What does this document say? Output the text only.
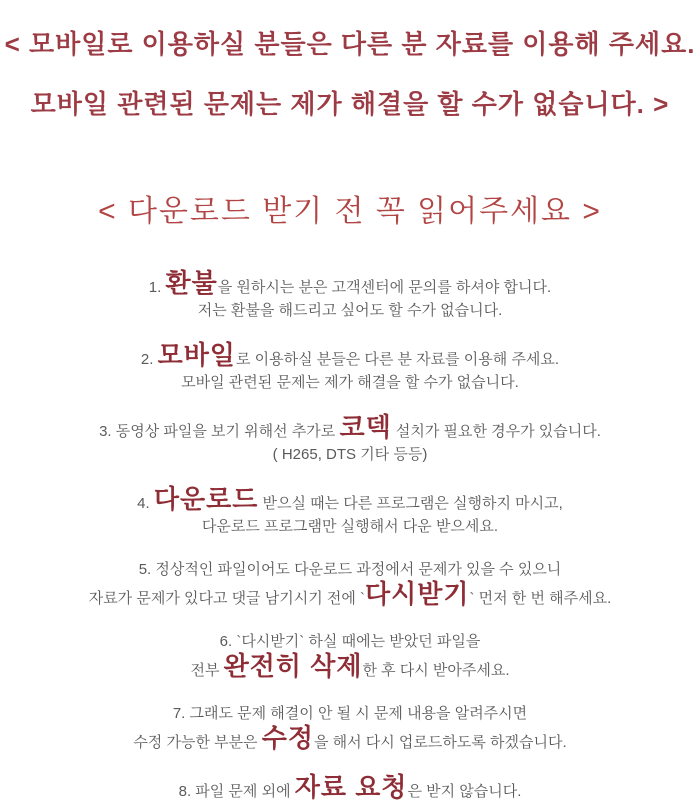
< 모바일로 이용하실 분들은 다른 분 자료를 이용해 주세요.
모바일 관련된 문제는 제가 해결을 할 수가 없습니다. >
< 다운로드 받기 전 꼭 읽어주세요 >
1. 환불을 원하시는 분은 고객센터에 문의를 하셔야 합니다.
저는 환불을 해드리고 싶어도 할 수가 없습니다.
2. 모바일로 이용하실 분들은 다른 분 자료를 이용해 주세요.
모바일 관련된 문제는 제가 해결을 할 수가 없습니다.
3. 동영상 파일을 보기 위해선 추가로 코덱 설치가 필요한 경우가 있습니다.
( H265, DTS 기타 등등)
4. 다운로드 받으실 때는 다른 프로그램은 실행하지 마시고,
다운로드 프로그램만 실행해서 다운 받으세요.
5. 정상적인 파일이어도 다운로드 과정에서 문제가 있을 수 있으니
자료가 문제가 있다고 댓글 남기시기 전에 `다시받기` 먼저 한 번 해주세요.
6. `다시받기` 하실 때에는 받았던 파일을
전부 완전히 삭제한 후 다시 받아주세요.
7. 그래도 문제 해결이 안 될 시 문제 내용을 알려주시면
수정 가능한 부분은 수정을 해서 다시 업로드하도록 하겠습니다.
8. 파일 문제 외에 자료 요청은 받지 않습니다.
